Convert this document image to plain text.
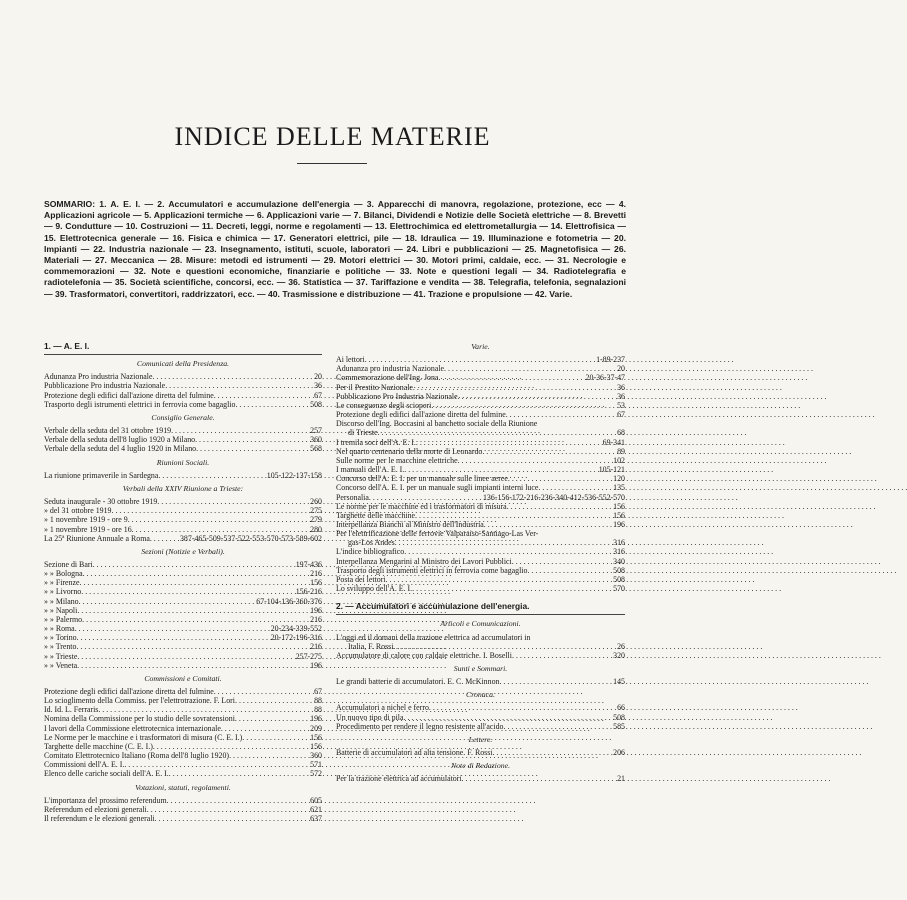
INDICE DELLE MATERIE
SOMMARIO: 1. A. E. I. — 2. Accumulatori e accumulazione dell'energia — 3. Apparecchi di manovra, regolazione, protezione, ecc — 4. Applicazioni agricole — 5. Applicazioni termiche — 6. Applicazioni varie — 7. Bilanci, Dividendi e Notizie delle Società elettriche — 8. Brevetti — 9. Condutture — 10. Costruzioni — 11. Decreti, leggi, norme e regolamenti — 13. Elettrochimica ed elettrometallurgia — 14. Elettrofisica — 15. Elettrotecnica generale — 16. Fisica e chimica — 17. Generatori elettrici, pile — 18. Idraulica — 19. Illuminazione e fotometria — 20. Impianti — 22. Industria nazionale — 23. Insegnamento, istituti, scuole, laboratori — 24. Libri e pubblicazioni — 25. Magnetofisica — 26. Materiali — 27. Meccanica — 28. Misure: metodi ed istrumenti — 29. Motori elettrici — 30. Motori primi, caldaie, ecc. — 31. Necrologie e commemorazioni — 32. Note e questioni economiche, finanziarie e politiche — 33. Note e questioni legali — 34. Radiotelegrafia e radiotelefonia — 35. Società scientifiche, concorsi, ecc. — 36. Statistica — 37. Tariffazione e vendita — 38. Telegrafia, telefonia, segnalazioni — 39. Trasformatori, convertitori, raddrizzatori, ecc. — 40. Trasmissione e distribuzione — 41. Trazione e propulsione — 42. Varie.
1. — A. E. I.
Comunicati della Presidenza.
Adunanza Pro industria Nazionale . . .	20
Pubblicazione Pro industria Nazionale . . .	36
Protezione degli edifici dall'azione diretta del fulmine . . .	67
Trasporto degli istrumenti elettrici in ferrovia come bagaglio . . .	508
Consiglio Generale.
Verbale della seduta del 31 ottobre 1919 . . .	257
Verbale della seduta dell'8 luglio 1920 a Milano . . .	360
Verbale della seduta del 4 luglio 1920 in Milano . . .	568
Riunioni Sociali.
La riunione primaverile in Sardegna . . .	105-122-137-158
Verbali della XXIV Riunione a Trieste:
Seduta inaugurale - 30 ottobre 1919 . . .	260
» del 31 ottobre 1919 . . .	275
» 1 novembre 1919 - ore 9 . . .	279
» 1 novembre 1919 - ore 16 . . .	280
La 25ª Riunione Annuale a Roma . . .	387-465-509-537-522-553-570-573-589-602
Sezioni (Notizie e Verbali).
Sezione di Bari . . .	197-436
» » Bologna . . .	216
» » Firenze . . .	156
» » Livorno . . .	156-216
» » Milano . . .	67-104-136-360-376
» » Napoli . . .	196
» » Palermo . . .	216
» » Roma . . .	20-234-339-552
» » Torino . . .	20-172-196-316
» » Trento . . .	216
» » Trieste . . .	257-275
» » Veneta . . .	196
Commissioni e Comitati.
Protezione degli edifici dall'azione diretta del fulmine . . .	67
Lo scioglimento della Commiss. per l'elettrotrazione. F. Lori . . .	88
Id. Id. L. Ferraris . . .	88
Nomina della Commissione per lo studio delle sovratensioni . . .	196
I lavori della Commissione elettrotecnica internazionale . . .	209
Le Norme per le macchine e i trasformatori di misura (C. E. I.) . . .	156
Targhette delle macchine (C. E. I.) . . .	156
Comitato Elettrotecnico Italiano (Roma dell'8 luglio 1920) . . .	360
Commissioni dell'A. E. I. . . .	571
Elenco delle cariche sociali dell'A. E. I. . . .	572
Votazioni, statuti, regolamenti.
L'importanza del prossimo referendum . . .	605
Referendum ed elezioni generali . . .	621
Il referendum e le elezioni generali . . .	637
Varie.
Ai lettori . . .	1-89-237
Adunanza pro industria Nazionale . . .	20
Commemorazione dell'Ing. Jona . . .	20-36-37-47
Per il Prestito Nazionale . . .	36
Pubblicazione Pro Industria Nazionale . . .	36
Le conseguenze degli scioperi . . .	53
Protezione degli edifici dall'azione diretta del fulmine . . .	67
Discorso dell'Ing. Boccasini al banchetto sociale della Riunione
di Trieste . . .	68
I tremila soci dell'A. E. I. . . .	69-341
Nel quarto centenario della morte di Leonardo . . .	89
Sulle norme per le macchine elettriche . . .	102
I manuali dell'A. E. I. . . .	105-121
Concorso dell'A. E. I. per un manuale sulle linee aeree . . .	120
Concorso dell'A. E. I. per un manuale sugli impianti interni luce . . .	135
Personalia . . .	136-156-172-216-236-340-412-536-552-570
Le norme per le macchine ed i trasformatori di misura . . .	156
Targhette delle macchine . . .	156
Interpellanza Bianchi al Ministro dell'Industria . . .	196
Per l'elettrificazione delle ferrovie Valparaiso-Santiago-Las Ver-
gas-Los Andes . . .	316
L'indice bibliografico . . .	316
Interpellanza Mengarini al Ministro dei Lavori Pubblici . . .	340
Trasporto degli istrumenti elettrici in ferrovia come bagaglio . . .	508
Posta dei lettori . . .	508
Lo sviluppo dell'A. E. I. . . .	570
2. — Accumulatori e accumulazione dell'energia.
Articoli e Comunicazioni.
L'oggi ed il domani della trazione elettrica ad accumulatori in
Italia, F. Rossi . . .	26
Accumulatore di calore con caldaie elettriche. I. Boselli . . .	320
Sunti e Sommari.
Le grandi batterie di accumulatori. E. C. McKinnon . . .	145
Cronaca.
Accumulatori a nichel e ferro . . .	66
Un nuovo tipo di pila . . .	508
Procedimento per rendere il legno resistente all'acido . . .	585
Lettere.
Batterie di accumulatori ad alta tensione. F. Rossi . . .	206
Note di Redazione.
Per la trazione elettrica ad accumulatori . . .	21
